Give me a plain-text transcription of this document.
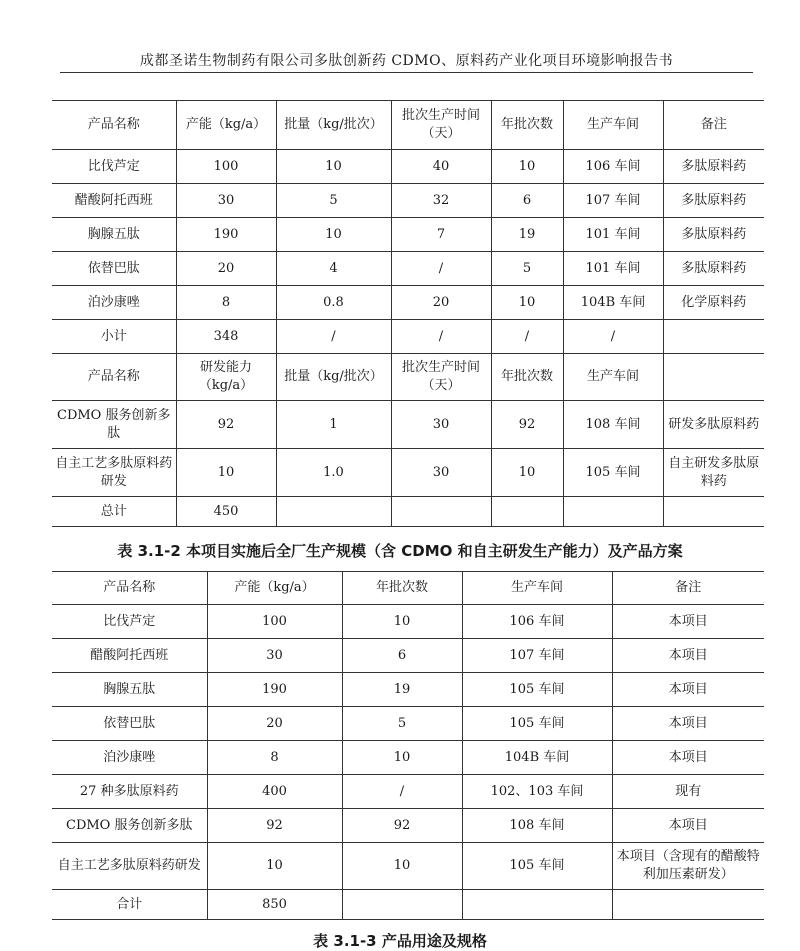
成都圣诺生物制药有限公司多肽创新药 CDMO、原料药产业化项目环境影响报告书
产品名称	产能（kg/a）	批量（kg/批次）	批次生产时间（天）	年批次数	生产车间	备注
比伐芦定	100	10	40	10	106 车间	多肽原料药
醋酸阿托西班	30	5	32	6	107 车间	多肽原料药
胸腺五肽	190	10	7	19	101 车间	多肽原料药
依替巴肽	20	4	/	5	101 车间	多肽原料药
泊沙康唑	8	0.8	20	10	104B 车间	化学原料药
小计	348	/	/	/	/	
产品名称	研发能力（kg/a）	批量（kg/批次）	批次生产时间（天）	年批次数	生产车间	
CDMO 服务创新多肽	92	1	30	92	108 车间	研发多肽原料药
自主工艺多肽原料药研发	10	1.0	30	10	105 车间	自主研发多肽原料药
总计	450					
表 3.1-2 本项目实施后全厂生产规模（含 CDMO 和自主研发生产能力）及产品方案
产品名称	产能（kg/a）	年批次数	生产车间	备注
比伐芦定	100	10	106 车间	本项目
醋酸阿托西班	30	6	107 车间	本项目
胸腺五肽	190	19	105 车间	本项目
依替巴肽	20	5	105 车间	本项目
泊沙康唑	8	10	104B 车间	本项目
27 种多肽原料药	400	/	102、103 车间	现有
CDMO 服务创新多肽	92	92	108 车间	本项目
自主工艺多肽原料药研发	10	10	105 车间	本项目（含现有的醋酸特利加压素研发）
合计	850			
表 3.1-3 产品用途及规格
